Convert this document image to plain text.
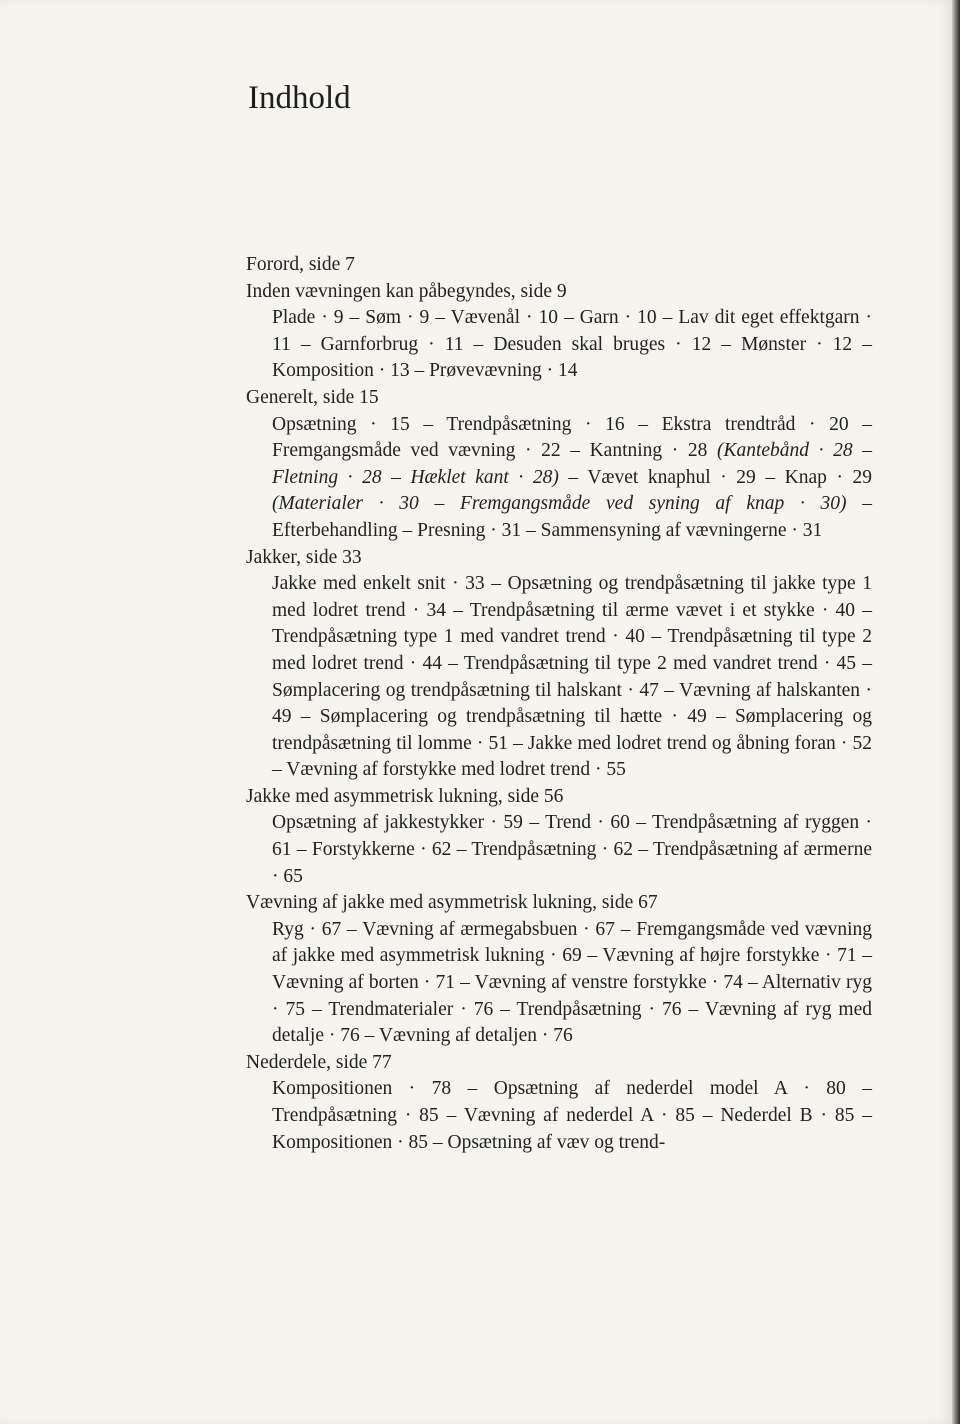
Indhold
Forord, side 7
Inden vævningen kan påbegyndes, side 9
Plade · 9 – Søm · 9 – Vævenål · 10 – Garn · 10 – Lav dit eget effektgarn · 11 – Garnforbrug · 11 – Desuden skal bruges · 12 – Mønster · 12 – Komposition · 13 – Prøvevævning · 14
Generelt, side 15
Opsætning · 15 – Trendpåsætning · 16 – Ekstra trendtråd · 20 – Fremgangsmåde ved vævning · 22 – Kantning · 28 (Kantebånd · 28 – Fletning · 28 – Hæklet kant · 28) – Vævet knaphul · 29 – Knap · 29 (Materialer · 30 – Fremgangsmåde ved syning af knap · 30) – Efterbehandling – Presning · 31 – Sammensyning af vævningerne · 31
Jakker, side 33
Jakke med enkelt snit · 33 – Opsætning og trendpåsætning til jakke type 1 med lodret trend · 34 – Trendpåsætning til ærme vævet i et stykke · 40 – Trendpåsætning type 1 med vandret trend · 40 – Trendpåsætning til type 2 med lodret trend · 44 – Trendpåsætning til type 2 med vandret trend · 45 – Sømplacering og trendpåsætning til halskant · 47 – Vævning af halskanten · 49 – Sømplacering og trendpåsætning til hætte · 49 – Sømplacering og trendpåsætning til lomme · 51 – Jakke med lodret trend og åbning foran · 52 – Vævning af forstykke med lodret trend · 55
Jakke med asymmetrisk lukning, side 56
Opsætning af jakkestykker · 59 – Trend · 60 – Trendpåsætning af ryggen · 61 – Forstykkerne · 62 – Trendpåsætning · 62 – Trendpåsætning af ærmerne · 65
Vævning af jakke med asymmetrisk lukning, side 67
Ryg · 67 – Vævning af ærmegabsbuen · 67 – Fremgangsmåde ved vævning af jakke med asymmetrisk lukning · 69 – Vævning af højre forstykke · 71 – Vævning af borten · 71 – Vævning af venstre forstykke · 74 – Alternativ ryg · 75 – Trendmaterialer · 76 – Trendpåsætning · 76 – Vævning af ryg med detalje · 76 – Vævning af detaljen · 76
Nederdele, side 77
Kompositionen · 78 – Opsætning af nederdel model A · 80 – Trendpåsætning · 85 – Vævning af nederdel A · 85 – Nederdel B · 85 – Kompositionen · 85 – Opsætning af væv og trend-
